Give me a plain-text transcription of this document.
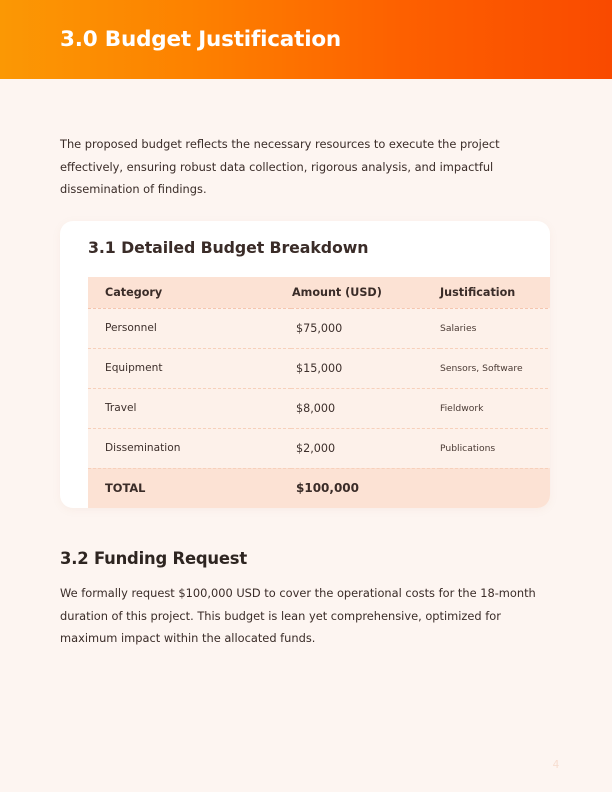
3.0 Budget Justification

The proposed budget reflects the necessary resources to execute the project effectively, ensuring robust data collection, rigorous analysis, and impactful dissemination of findings.

3.1 Detailed Budget Breakdown
Category	Amount (USD)	Justification
Personnel	$75,000	Salaries
Equipment	$15,000	Sensors, Software
Travel	$8,000	Fieldwork
Dissemination	$2,000	Publications
TOTAL	$100,000	
3.2 Funding Request

We formally request $100,000 USD to cover the operational costs for the 18-month duration of this project. This budget is lean yet comprehensive, optimized for maximum impact within the allocated funds.

4
